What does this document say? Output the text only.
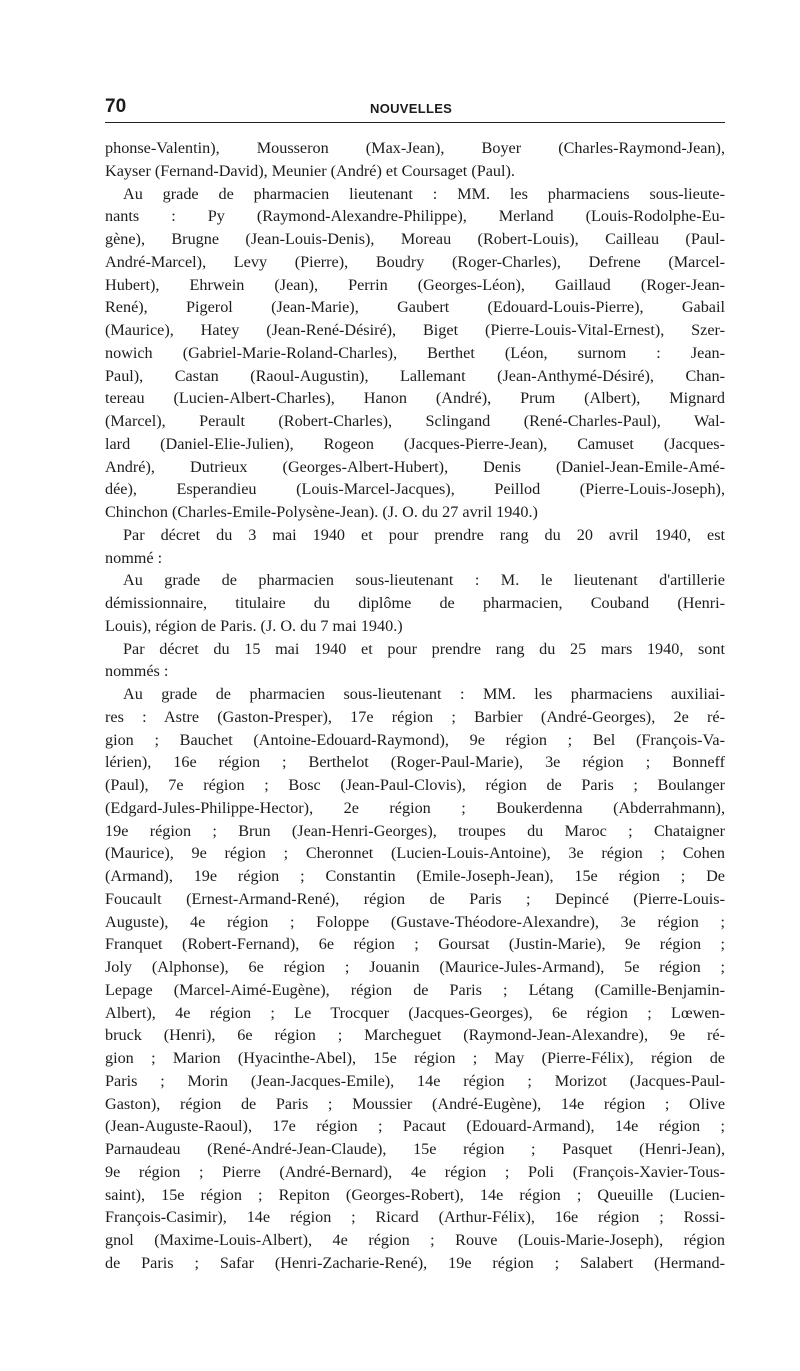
70	NOUVELLES
phonse-Valentin), Mousseron (Max-Jean), Boyer (Charles-Raymond-Jean),
Kayser (Fernand-David), Meunier (André) et Coursaget (Paul).
Au grade de pharmacien lieutenant : MM. les pharmaciens sous-lieute-
nants : Py (Raymond-Alexandre-Philippe), Merland (Louis-Rodolphe-Eu-
gène), Brugne (Jean-Louis-Denis), Moreau (Robert-Louis), Cailleau (Paul-
André-Marcel), Levy (Pierre), Boudry (Roger-Charles), Defrene (Marcel-
Hubert), Ehrwein (Jean), Perrin (Georges-Léon), Gaillaud (Roger-Jean-
René), Pigerol (Jean-Marie), Gaubert (Edouard-Louis-Pierre), Gabail
(Maurice), Hatey (Jean-René-Désiré), Biget (Pierre-Louis-Vital-Ernest), Szer-
nowich (Gabriel-Marie-Roland-Charles), Berthet (Léon, surnom : Jean-
Paul), Castan (Raoul-Augustin), Lallemant (Jean-Anthymé-Désiré), Chan-
tereau (Lucien-Albert-Charles), Hanon (André), Prum (Albert), Mignard
(Marcel), Perault (Robert-Charles), Sclingand (René-Charles-Paul), Wal-
lard (Daniel-Elie-Julien), Rogeon (Jacques-Pierre-Jean), Camuset (Jacques-
André), Dutrieux (Georges-Albert-Hubert), Denis (Daniel-Jean-Emile-Amé-
dée), Esperandieu (Louis-Marcel-Jacques), Peillod (Pierre-Louis-Joseph),
Chinchon (Charles-Emile-Polysène-Jean). (J. O. du 27 avril 1940.)
Par décret du 3 mai 1940 et pour prendre rang du 20 avril 1940, est
nommé :
Au grade de pharmacien sous-lieutenant : M. le lieutenant d'artillerie
démissionnaire, titulaire du diplôme de pharmacien, Couband (Henri-
Louis), région de Paris. (J. O. du 7 mai 1940.)
Par décret du 15 mai 1940 et pour prendre rang du 25 mars 1940, sont
nommés :
Au grade de pharmacien sous-lieutenant : MM. les pharmaciens auxiliai-
res : Astre (Gaston-Presper), 17e région ; Barbier (André-Georges), 2e ré-
gion ; Bauchet (Antoine-Edouard-Raymond), 9e région ; Bel (François-Va-
lérien), 16e région ; Berthelot (Roger-Paul-Marie), 3e région ; Bonneff
(Paul), 7e région ; Bosc (Jean-Paul-Clovis), région de Paris ; Boulanger
(Edgard-Jules-Philippe-Hector), 2e région ; Boukerdenna (Abderrahmann),
19e région ; Brun (Jean-Henri-Georges), troupes du Maroc ; Chataigner
(Maurice), 9e région ; Cheronnet (Lucien-Louis-Antoine), 3e région ; Cohen
(Armand), 19e région ; Constantin (Emile-Joseph-Jean), 15e région ; De
Foucault (Ernest-Armand-René), région de Paris ; Depincé (Pierre-Louis-
Auguste), 4e région ; Foloppe (Gustave-Théodore-Alexandre), 3e région ;
Franquet (Robert-Fernand), 6e région ; Goursat (Justin-Marie), 9e région ;
Joly (Alphonse), 6e région ; Jouanin (Maurice-Jules-Armand), 5e région ;
Lepage (Marcel-Aimé-Eugène), région de Paris ; Létang (Camille-Benjamin-
Albert), 4e région ; Le Trocquer (Jacques-Georges), 6e région ; Lœwen-
bruck (Henri), 6e région ; Marcheguet (Raymond-Jean-Alexandre), 9e ré-
gion ; Marion (Hyacinthe-Abel), 15e région ; May (Pierre-Félix), région de
Paris ; Morin (Jean-Jacques-Emile), 14e région ; Morizot (Jacques-Paul-
Gaston), région de Paris ; Moussier (André-Eugène), 14e région ; Olive
(Jean-Auguste-Raoul), 17e région ; Pacaut (Edouard-Armand), 14e région ;
Parnaudeau (René-André-Jean-Claude), 15e région ; Pasquet (Henri-Jean),
9e région ; Pierre (André-Bernard), 4e région ; Poli (François-Xavier-Tous-
saint), 15e région ; Repiton (Georges-Robert), 14e région ; Queuille (Lucien-
François-Casimir), 14e région ; Ricard (Arthur-Félix), 16e région ; Rossi-
gnol (Maxime-Louis-Albert), 4e région ; Rouve (Louis-Marie-Joseph), région
de Paris ; Safar (Henri-Zacharie-René), 19e région ; Salabert (Hermand-
